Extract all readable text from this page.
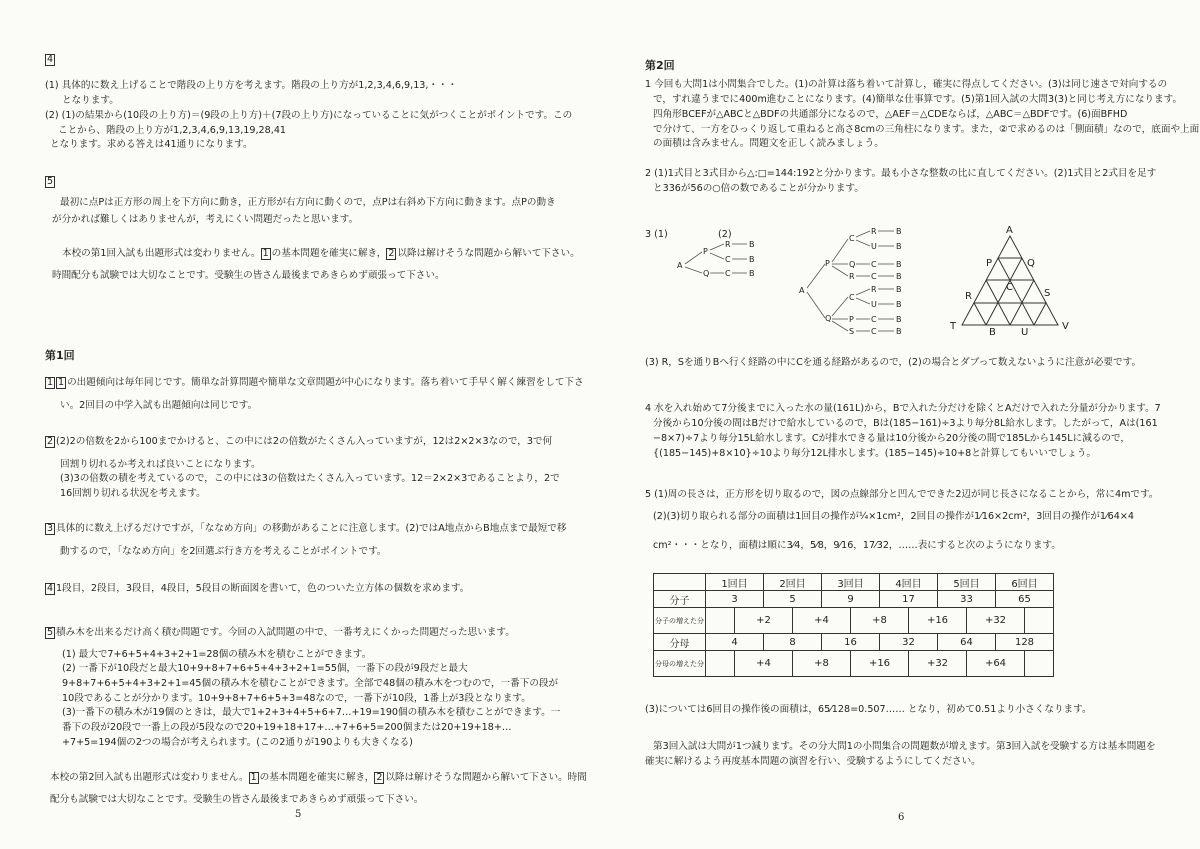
4
(1) 具体的に数え上げることで階段の上り方を考えます。階段の上り方が1,2,3,4,6,9,13,・・・
となります。
(2) (1)の結果から(10段の上り方)＝(9段の上り方)＋(7段の上り方)になっていることに気がつくことがポイントです。この
ことから、階段の上り方が1,2,3,4,6,9,13,19,28,41
となります。求める答えは41通りになります。
5
最初に点Pは正方形の周上を下方向に動き，正方形が右方向に動くので，点Pは右斜め下方向に動きます。点Pの動き
が分かれば難しくはありませんが，考えにくい問題だったと思います。
本校の第1回入試も出題形式は変わりません。 1 の基本問題を確実に解き， 2 以降は解けそうな問題から解いて下さい。
時間配分も試験では大切なことです。受験生の皆さん最後まであきらめず頑張って下さい。
第1回
1 1 の出題傾向は毎年同じです。簡単な計算問題や簡単な文章問題が中心になります。落ち着いて手早く解く練習をして下さ
い。2回目の中学入試も出題傾向は同じです。
2 (2)2の倍数を2から100までかけると、この中には2の倍数がたくさん入っていますが，12は2×2×3なので，3で何
回割り切れるか考えれば良いことになります。
(3)3の倍数の積を考えているので，この中には3の倍数はたくさん入っています。12＝2×2×3であることより，2で
16回割り切れる状況を考えます。
3 具体的に数え上げるだけですが，「ななめ方向」の移動があることに注意します。(2)ではA地点からB地点まで最短で移
動するので，「ななめ方向」を2回選ぶ行き方を考えることがポイントです。
4 1段目，2段目，3段目，4段目，5段目の断面図を書いて，色のついた立方体の個数を求めます。
5 積み木を出来るだけ高く積む問題です。今回の入試問題の中で、一番考えにくかった問題だった思います。
(1) 最大で7+6+5+4+3+2+1=28個の積み木を積むことができます。
(2) 一番下が10段だと最大10+9+8+7+6+5+4+3+2+1=55個，一番下の段が9段だと最大
9+8+7+6+5+4+3+2+1=45個の積み木を積むことができます。全部で48個の積み木をつむので，一番下の段が
10段であることが分かります。10+9+8+7+6+5+3=48なので，一番下が10段，1番上が3段となります。
(3)一番下の積み木が19個のときは，最大で1+2+3+4+5+6+7…+19=190個の積み木を積むことができます。一
番下の段が20段で一番上の段が5段なので20+19+18+17+…+7+6+5=200個または20+19+18+…
+7+5=194個の2つの場合が考えられます。(この2通りが190よりも大きくなる)
本校の第2回入試も出題形式は変わりません。 1 の基本問題を確実に解き， 2 以降は解けそうな問題から解いて下さい。時間
配分も試験では大切なことです。受験生の皆さん最後まであきらめず頑張って下さい。
5
第2回
1 今回も大問1は小問集合でした。(1)の計算は落ち着いて計算し，確実に得点してください。(3)は同じ速さで対向するの
で，すれ違うまでに400m進むことになります。(4)簡単な仕事算です。(5)第1回入試の大問3(3)と同じ考え方になります。
四角形BCEFが△ABCと△BDFの共通部分になるので，△AEF＝△CDEならば，△ABC＝△BDFです。(6)面BFHD
で分けて、一方をひっくり返して重ねると高さ8cmの三角柱になります。また，②で求めるのは「側面積」なので，底面や上面
の面積は含みません。問題文を正しく読みましょう。
2 (1)1式目と3式目から△:□=144:192と分かります。最も小さな整数の比に直してください。(2)1式目と2式目を足す
と336が56の○倍の数であることが分かります。
3 (1)	(2)
(3) R，Sを通りBへ行く経路の中にCを通る経路があるので，(2)の場合とダブって数えないように注意が必要です。
4 水を入れ始めて7分後までに入った水の量(161L)から，Bで入れた分だけを除くとAだけで入れた分量が分かります。7
分後から10分後の間はBだけで給水しているので，Bは(185−161)÷3より毎分8L給水します。したがって，Aは(161
−8×7)÷7より毎分15L給水します。Cが排水できる量は10分後から20分後の間で185Lから145Lに減るので，
{(185−145)+8×10}÷10より毎分12L排水します。(185−145)÷10+8と計算してもいいでしょう。
5 (1)周の長さは，正方形を切り取るので，図の点線部分と凹んでできた2辺が同じ長さになることから，常に4mです。
(2)(3)切り取られる部分の面積は1回目の操作が¼×1cm²，2回目の操作が1⁄16×2cm²，3回目の操作が1⁄64×4
cm²・・・となり，面積は順に3⁄4，5⁄8，9⁄16，17⁄32，……表にすると次のようになります。
(3)については6回目の操作後の面積は，65⁄128=0.507…… となり，初めて0.51より小さくなります。
第3回入試は大問が1つ減ります。その分大問1の小問集合の問題数が増えます。第3回入試を受験する方は基本問題を
確実に解けるよう再度基本問題の演習を行い、受験するようにしてください。
6
A
P
Q
R
C
C
B
B
B
A
P
Q
C
Q
R
C
P
S
R
U
C
C
R
U
C
C
B
B
B
B
B
B
B
B
A
P	Q
R
C
S
T
B	U
V
	1回目		2回目		3回目		4回目		5回目		6回目	
分子	3		5		9		17		33		65	
分子の増えた分		+2		+4		+8		+16		+32		
分母	4		8		16		32		64		128	
分母の増えた分		+4		+8		+16		+32		+64		
